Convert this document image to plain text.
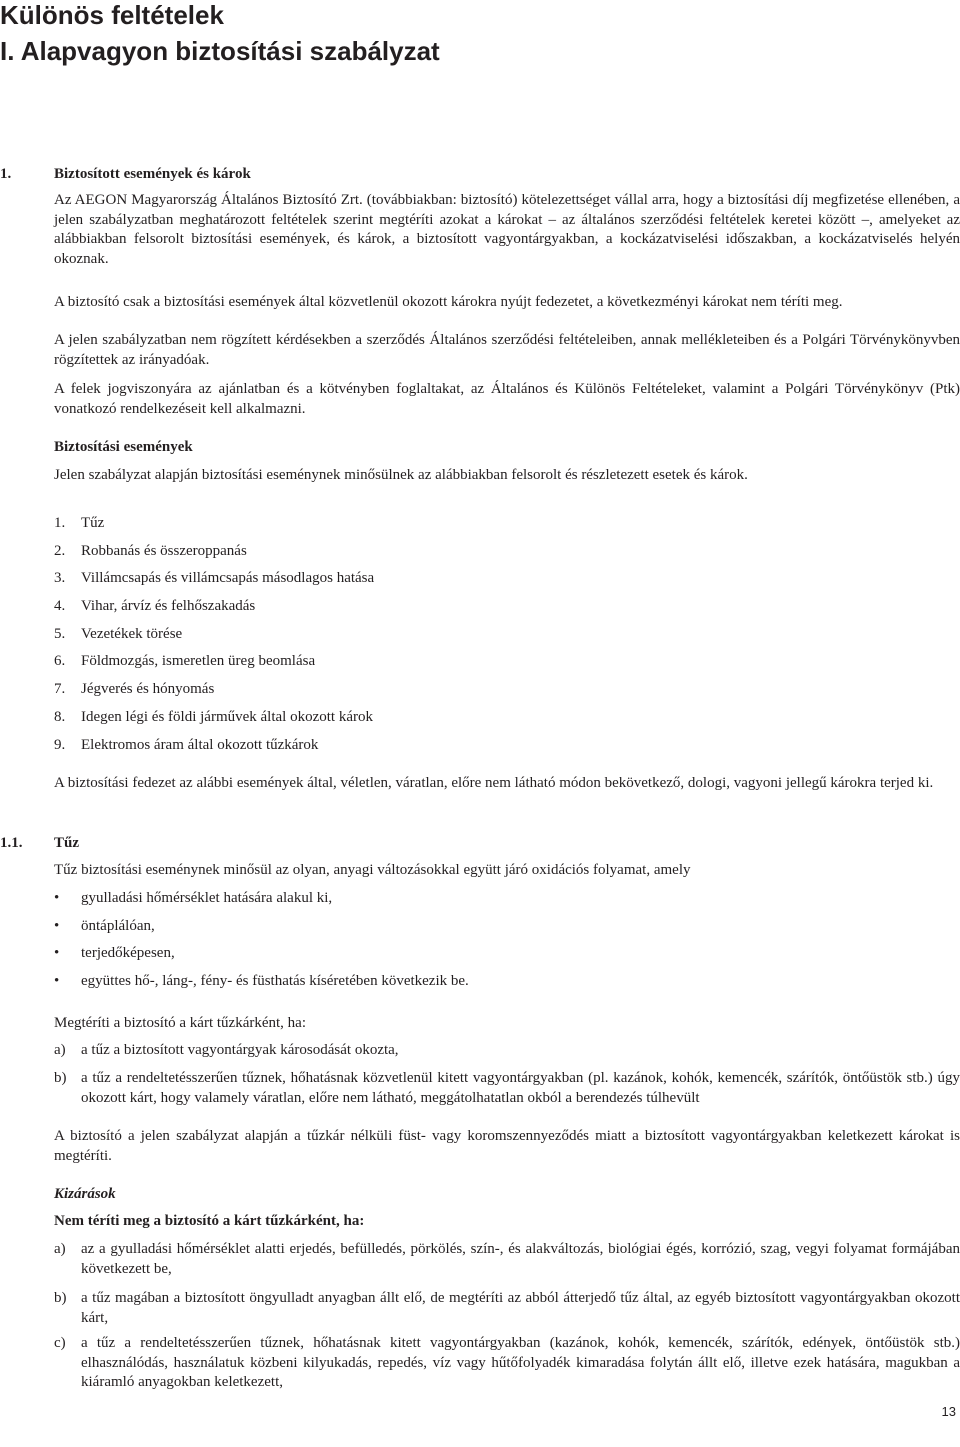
Különös feltételek
I. Alapvagyon biztosítási szabályzat
1.	Biztosított események és károk

Az AEGON Magyarország Általános Biztosító Zrt. (továbbiakban: biztosító) kötelezettséget vállal arra, hogy a biztosítási díj megfizetése ellenében, a jelen szabályzatban meghatározott feltételek szerint megtéríti azokat a károkat – az általános szerződési feltételek keretei között –, amelyeket az alábbiakban felsorolt biztosítási események, és károk, a biztosított vagyontárgyakban, a kockázatviselési időszakban, a kockázatviselés helyén okoznak.

A biztosító csak a biztosítási események által közvetlenül okozott károkra nyújt fedezetet, a következményi károkat nem téríti meg.

A jelen szabályzatban nem rögzített kérdésekben a szerződés Általános szerződési feltételeiben, annak mellékleteiben és a Polgári Törvénykönyvben rögzítettek az irányadóak.

A felek jogviszonyára az ajánlatban és a kötvényben foglaltakat, az Általános és Különös Feltételeket, valamint a Polgári Törvénykönyv (Ptk) vonatkozó rendelkezéseit kell alkalmazni.

Biztosítási események

Jelen szabályzat alapján biztosítási eseménynek minősülnek az alábbiakban felsorolt és részletezett esetek és károk.

1. Tűz
2. Robbanás és összeroppanás
3. Villámcsapás és villámcsapás másodlagos hatása
4. Vihar, árvíz és felhőszakadás
5. Vezetékek törése
6. Földmozgás, ismeretlen üreg beomlása
7. Jégverés és hónyomás
8. Idegen légi és földi járművek által okozott károk
9. Elektromos áram által okozott tűzkárok

A biztosítási fedezet az alábbi események által, véletlen, váratlan, előre nem látható módon bekövetkező, dologi, vagyoni jellegű károkra terjed ki.

1.1. Tűz

Tűz biztosítási eseménynek minősül az olyan, anyagi változásokkal együtt járó oxidációs folyamat, amely

• gyulladási hőmérséklet hatására alakul ki,
• öntáplálóan,
• terjedőképesen,
• együttes hő-, láng-, fény- és füsthatás kíséretében következik be.

Megtéríti a biztosító a kárt tűzkárként, ha:

a) a tűz a biztosított vagyontárgyak károsodását okozta,
b) a tűz a rendeltetésszerűen tűznek, hőhatásnak közvetlenül kitett vagyontárgyakban (pl. kazánok, kohók, kemencék, szárítók, öntőüstök stb.) úgy okozott kárt, hogy valamely váratlan, előre nem látható, meggátolhatatlan okból a berendezés túlhevült

A biztosító a jelen szabályzat alapján a tűzkár nélküli füst- vagy koromszennyeződés miatt a biztosított vagyontárgyakban keletkezett károkat is megtéríti.

Kizárások

Nem téríti meg a biztosító a kárt tűzkárként, ha:

a) az a gyulladási hőmérséklet alatti erjedés, befülledés, pörkölés, szín-, és alakváltozás, biológiai égés, korrózió, szag, vegyi folyamat formájában következett be,
b) a tűz magában a biztosított öngyulladt anyagban állt elő, de megtéríti az abból átterjedő tűz által, az egyéb biztosított vagyontárgyakban okozott kárt,
c) a tűz a rendeltetésszerűen tűznek, hőhatásnak kitett vagyontárgyakban (kazánok, kohók, kemencék, szárítók, edények, öntőüstök stb.) elhasználódás, használatuk közbeni kilyukadás, repedés, víz vagy hűtőfolyadék kimaradása folytán állt elő, illetve ezek hatására, magukban a kiáramló anyagokban keletkezett,
13
